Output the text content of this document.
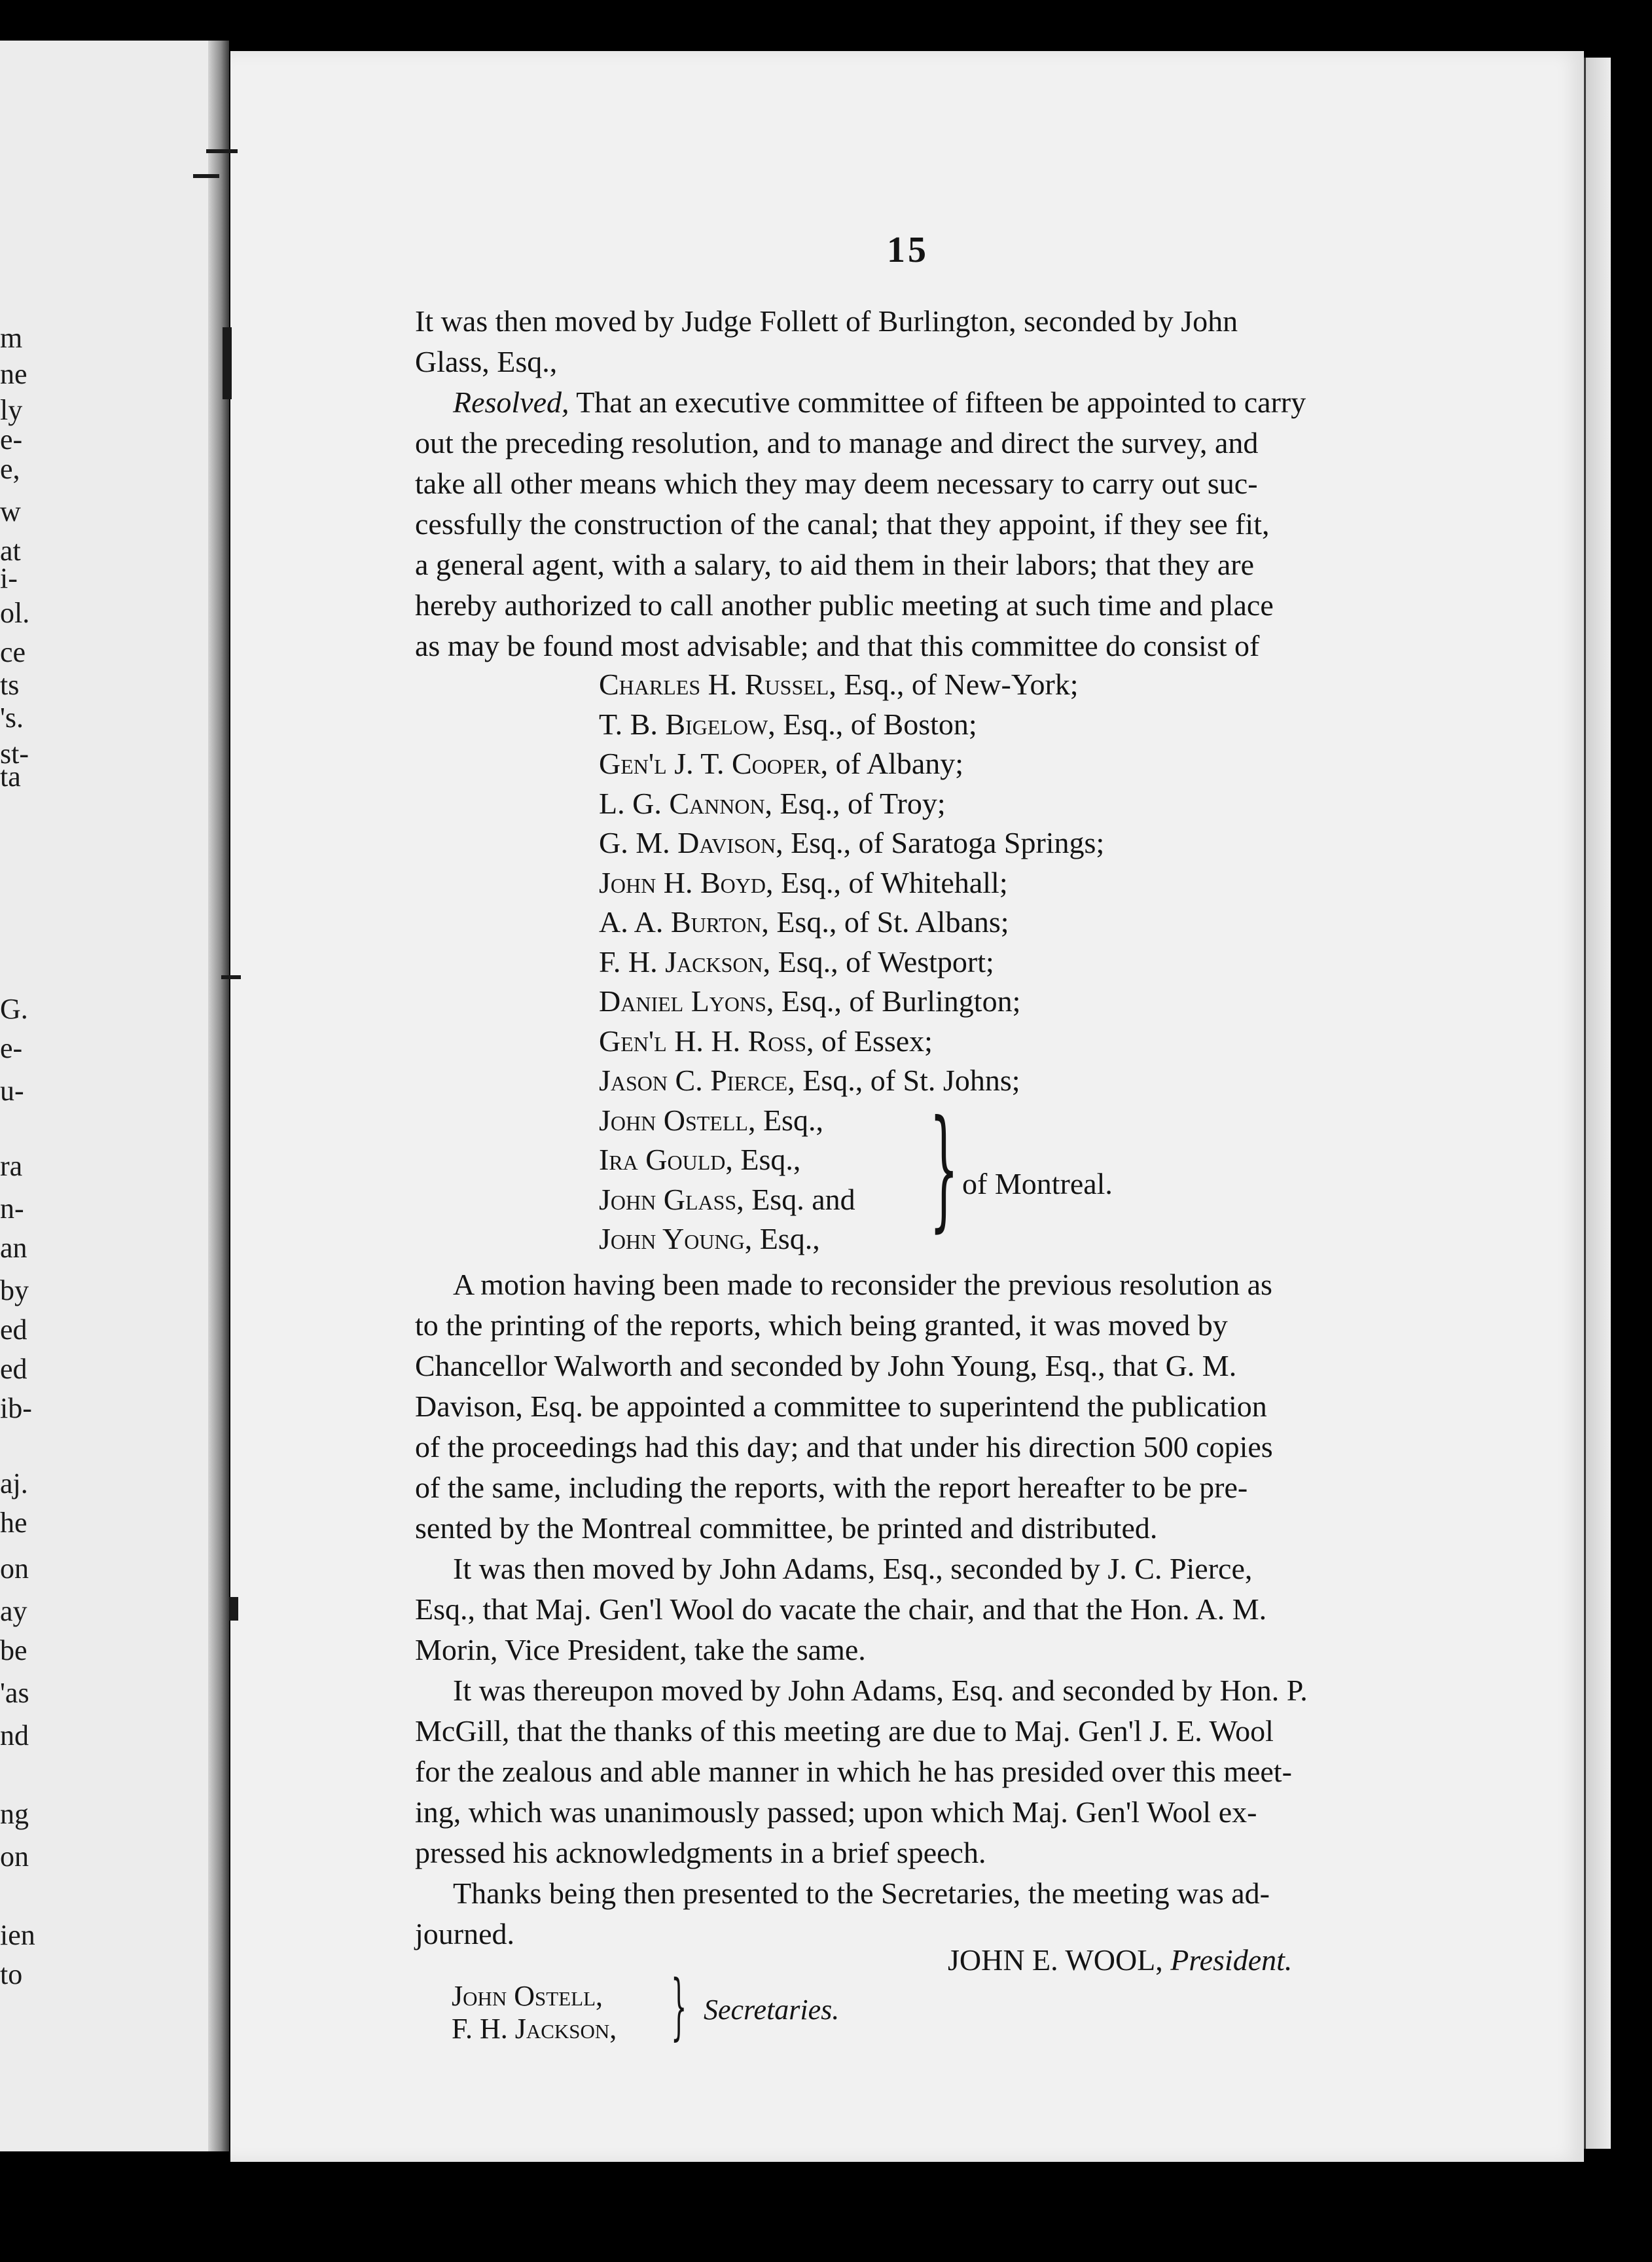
m
ne
ly
e-
e,
w
at
i-
ol.
ce
ts
's.
st-
ta
G.
e-
u-
ra
n-
an
by
ed
ed
ib-
aj.
he
on
ay
be
'as
nd
ng
on
ien
to
15

It was then moved by Judge Follett of Burlington, seconded by John

Glass, Esq.,

Resolved, That an executive committee of fifteen be appointed to carry

out the preceding resolution, and to manage and direct the survey, and

take all other means which they may deem necessary to carry out suc-

cessfully the construction of the canal; that they appoint, if they see fit,

a general agent, with a salary, to aid them in their labors; that they are

hereby authorized to call another public meeting at such time and place

as may be found most advisable; and that this committee do consist of

Charles H. Russel, Esq., of New-York;
T. B. Bigelow, Esq., of Boston;
Gen'l J. T. Cooper, of Albany;
L. G. Cannon, Esq., of Troy;
G. M. Davison, Esq., of Saratoga Springs;
John H. Boyd, Esq., of Whitehall;
A. A. Burton, Esq., of St. Albans;
F. H. Jackson, Esq., of Westport;
Daniel Lyons, Esq., of Burlington;
Gen'l H. H. Ross, of Essex;
Jason C. Pierce, Esq., of St. Johns;
John Ostell, Esq.,
Ira Gould, Esq.,
John Glass, Esq. and
John Young, Esq., } of Montreal.

A motion having been made to reconsider the previous resolution as

to the printing of the reports, which being granted, it was moved by

Chancellor Walworth and seconded by John Young, Esq., that G. M.

Davison, Esq. be appointed a committee to superintend the publication

of the proceedings had this day; and that under his direction 500 copies

of the same, including the reports, with the report hereafter to be pre-

sented by the Montreal committee, be printed and distributed.

It was then moved by John Adams, Esq., seconded by J. C. Pierce,

Esq., that Maj. Gen'l Wool do vacate the chair, and that the Hon. A. M.

Morin, Vice President, take the same.

It was thereupon moved by John Adams, Esq. and seconded by Hon. P.

McGill, that the thanks of this meeting are due to Maj. Gen'l J. E. Wool

for the zealous and able manner in which he has presided over this meet-

ing, which was unanimously passed; upon which Maj. Gen'l Wool ex-

pressed his acknowledgments in a brief speech.

Thanks being then presented to the Secretaries, the meeting was ad-

journed.

JOHN E. WOOL, President.
John Ostell,
F. H. Jackson, } Secretaries.
